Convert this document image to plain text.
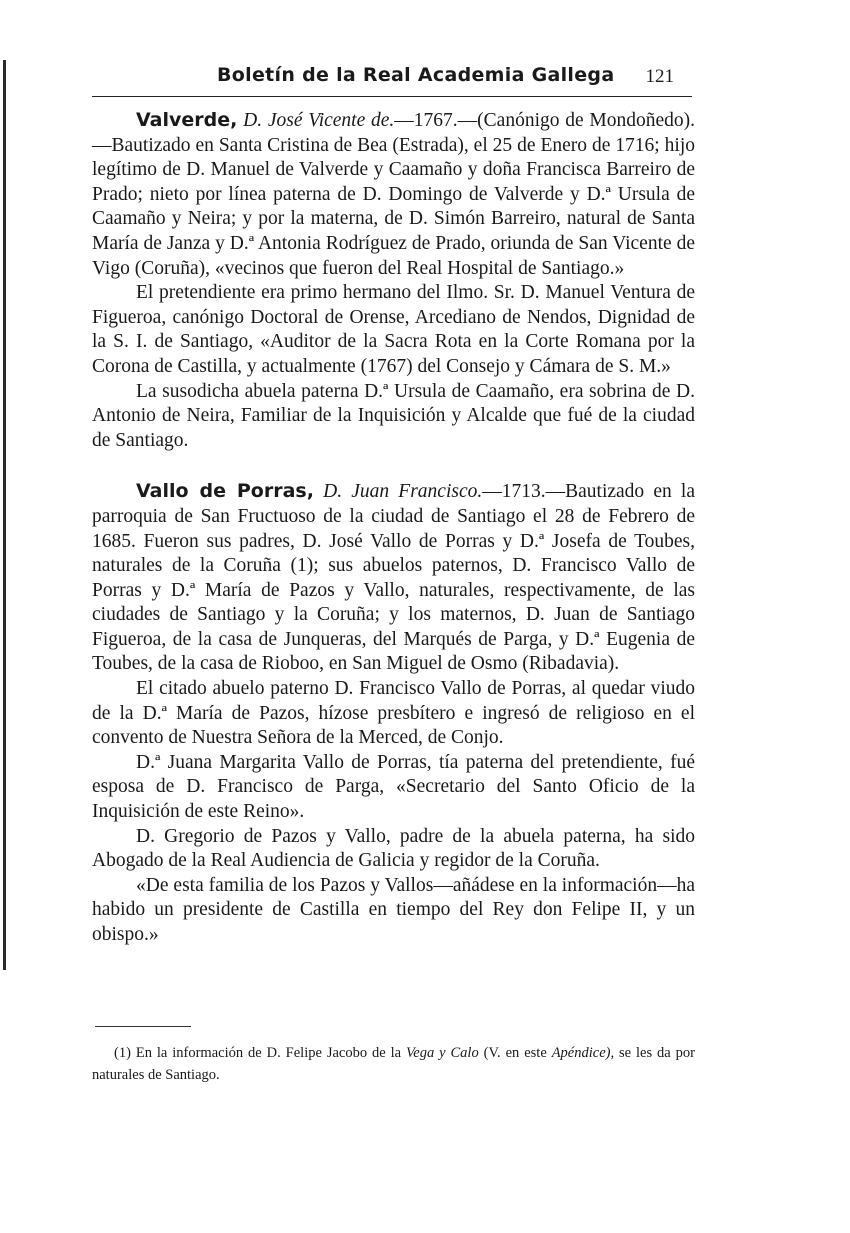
Boletín de la Real Academia Gallega 121

Valverde, D. José Vicente de.—1767.—(Canónigo de Mondoñedo).—Bautizado en Santa Cristina de Bea (Estrada), el 25 de Enero de 1716; hijo legítimo de D. Manuel de Valverde y Caamaño y doña Francisca Barreiro de Prado; nieto por línea paterna de D. Domingo de Valverde y D.ª Ursula de Caamaño y Neira; y por la materna, de D. Simón Barreiro, natural de Santa María de Janza y D.ª Antonia Rodríguez de Prado, oriunda de San Vicente de Vigo (Coruña), «vecinos que fueron del Real Hospital de Santiago.»

El pretendiente era primo hermano del Ilmo. Sr. D. Manuel Ventura de Figueroa, canónigo Doctoral de Orense, Arcediano de Nendos, Dignidad de la S. I. de Santiago, «Auditor de la Sacra Rota en la Corte Romana por la Corona de Castilla, y actualmente (1767) del Consejo y Cámara de S. M.»

La susodicha abuela paterna D.ª Ursula de Caamaño, era sobrina de D. Antonio de Neira, Familiar de la Inquisición y Alcalde que fué de la ciudad de Santiago.

Vallo de Porras, D. Juan Francisco.—1713.—Bautizado en la parroquia de San Fructuoso de la ciudad de Santiago el 28 de Febrero de 1685. Fueron sus padres, D. José Vallo de Porras y D.ª Josefa de Toubes, naturales de la Coruña (1); sus abuelos paternos, D. Francisco Vallo de Porras y D.ª María de Pazos y Vallo, naturales, respectivamente, de las ciudades de Santiago y la Coruña; y los maternos, D. Juan de Santiago Figueroa, de la casa de Junqueras, del Marqués de Parga, y D.ª Eugenia de Toubes, de la casa de Rioboo, en San Miguel de Osmo (Ribadavia).

El citado abuelo paterno D. Francisco Vallo de Porras, al quedar viudo de la D.ª María de Pazos, hízose presbítero e ingresó de religioso en el convento de Nuestra Señora de la Merced, de Conjo.

D.ª Juana Margarita Vallo de Porras, tía paterna del pretendiente, fué esposa de D. Francisco de Parga, «Secretario del Santo Oficio de la Inquisición de este Reino».

D. Gregorio de Pazos y Vallo, padre de la abuela paterna, ha sido Abogado de la Real Audiencia de Galicia y regidor de la Coruña.

«De esta familia de los Pazos y Vallos—añádese en la información—ha habido un presidente de Castilla en tiempo del Rey don Felipe II, y un obispo.»

(1) En la información de D. Felipe Jacobo de la Vega y Calo (V. en este Apéndice), se les da por naturales de Santiago.
